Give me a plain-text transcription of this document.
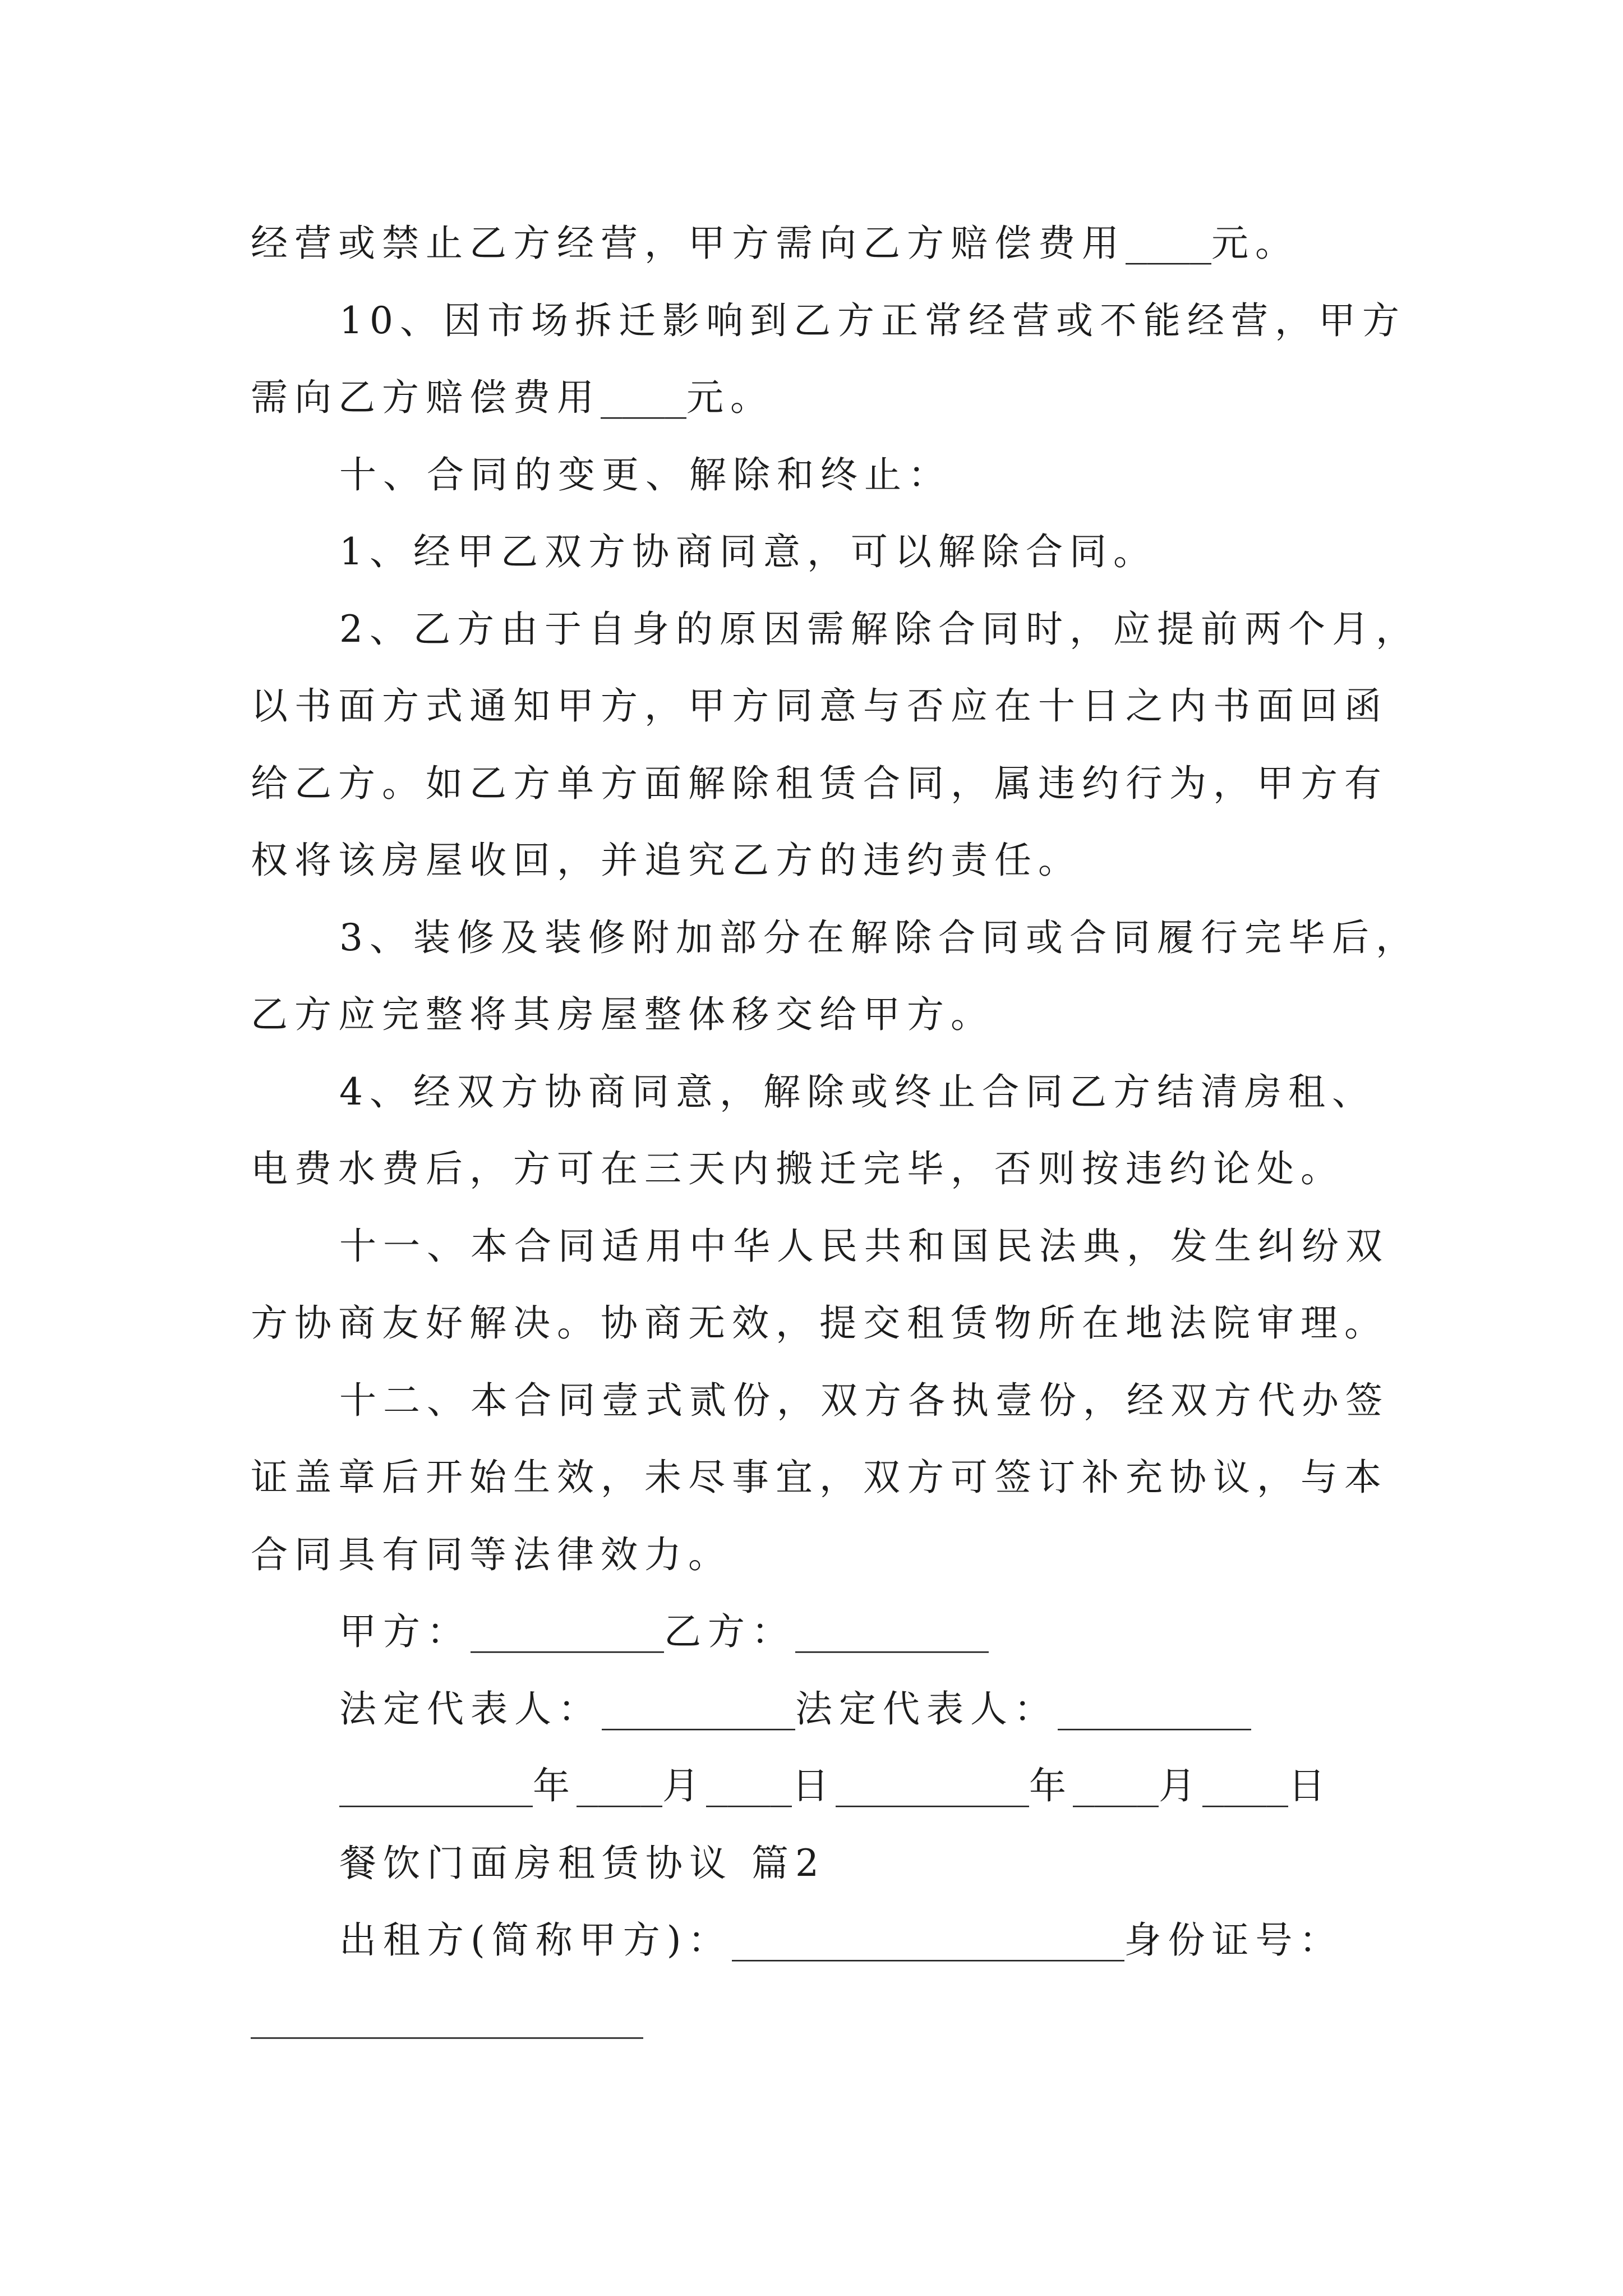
经营或禁止乙方经营，甲方需向乙方赔偿费用____元。
10、因市场拆迁影响到乙方正常经营或不能经营，甲方
需向乙方赔偿费用____元。
十、合同的变更、解除和终止：
1、经甲乙双方协商同意，可以解除合同。
2、乙方由于自身的原因需解除合同时，应提前两个月，
以书面方式通知甲方，甲方同意与否应在十日之内书面回函
给乙方。如乙方单方面解除租赁合同，属违约行为，甲方有
权将该房屋收回，并追究乙方的违约责任。
3、装修及装修附加部分在解除合同或合同履行完毕后，
乙方应完整将其房屋整体移交给甲方。
4、经双方协商同意，解除或终止合同乙方结清房租、
电费水费后，方可在三天内搬迁完毕，否则按违约论处。
十一、本合同适用中华人民共和国民法典，发生纠纷双
方协商友好解决。协商无效，提交租赁物所在地法院审理。
十二、本合同壹式贰份，双方各执壹份，经双方代办签
证盖章后开始生效，未尽事宜，双方可签订补充协议，与本
合同具有同等法律效力。
甲方：__________乙方：__________
法定代表人：__________法定代表人：__________
__________年____月____日__________年____月____日
餐饮门面房租赁协议 篇2
出租方(简称甲方)：____________________身份证号：
____________________
